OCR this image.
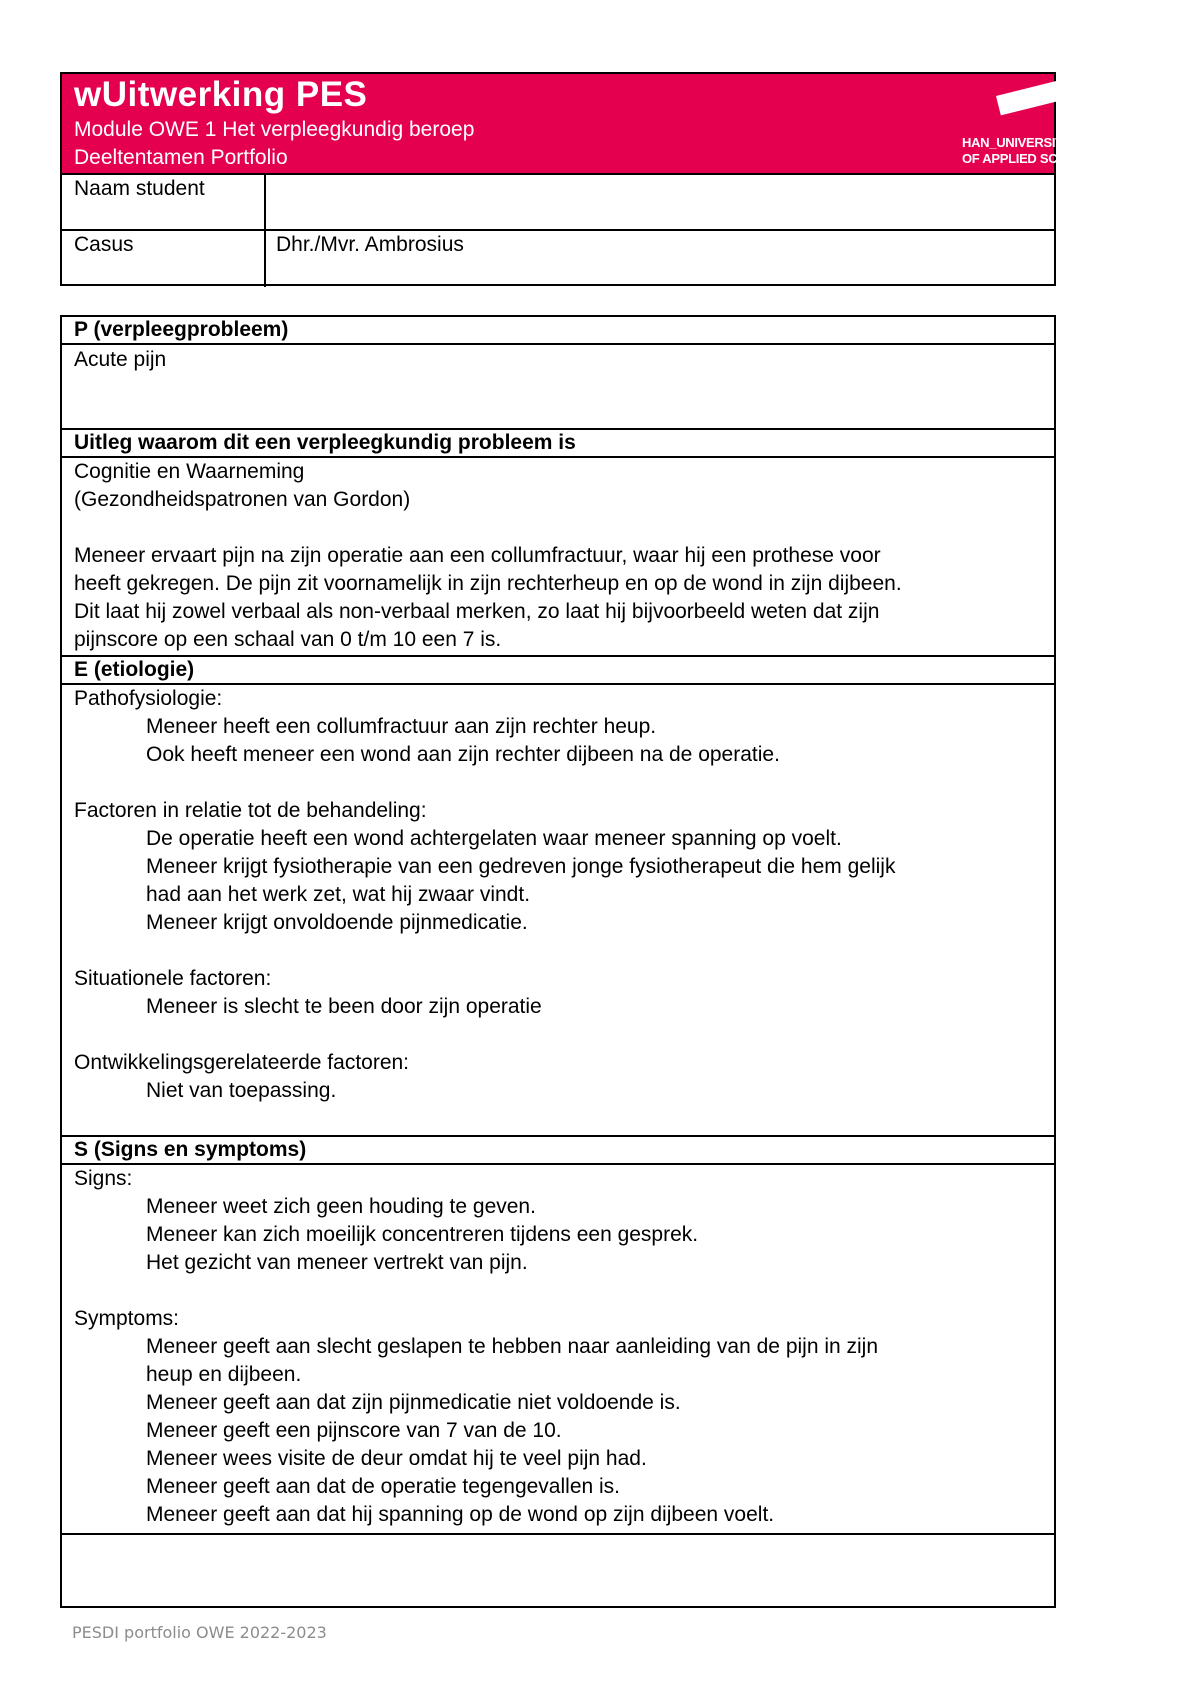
wUitwerking PES
Module OWE 1 Het verpleegkundig beroep
Deeltentamen Portfolio
HAN_UNIVERSITY
OF APPLIED SCIENCES
Naam student
Casus	Dhr./Mvr. Ambrosius
P (verpleegprobleem)
Acute pijn
Uitleg waarom dit een verpleegkundig probleem is
Cognitie en Waarneming
(Gezondheidspatronen van Gordon)
Meneer ervaart pijn na zijn operatie aan een collumfractuur, waar hij een prothese voor
heeft gekregen. De pijn zit voornamelijk in zijn rechterheup en op de wond in zijn dijbeen.
Dit laat hij zowel verbaal als non-verbaal merken, zo laat hij bijvoorbeeld weten dat zijn
pijnscore op een schaal van 0 t/m 10 een 7 is.
E (etiologie)
Pathofysiologie:
Meneer heeft een collumfractuur aan zijn rechter heup.
Ook heeft meneer een wond aan zijn rechter dijbeen na de operatie.
Factoren in relatie tot de behandeling:
De operatie heeft een wond achtergelaten waar meneer spanning op voelt.
Meneer krijgt fysiotherapie van een gedreven jonge fysiotherapeut die hem gelijk
had aan het werk zet, wat hij zwaar vindt.
Meneer krijgt onvoldoende pijnmedicatie.
Situationele factoren:
Meneer is slecht te been door zijn operatie
Ontwikkelingsgerelateerde factoren:
Niet van toepassing.
S (Signs en symptoms)
Signs:
Meneer weet zich geen houding te geven.
Meneer kan zich moeilijk concentreren tijdens een gesprek.
Het gezicht van meneer vertrekt van pijn.
Symptoms:
Meneer geeft aan slecht geslapen te hebben naar aanleiding van de pijn in zijn
heup en dijbeen.
Meneer geeft aan dat zijn pijnmedicatie niet voldoende is.
Meneer geeft een pijnscore van 7 van de 10.
Meneer wees visite de deur omdat hij te veel pijn had.
Meneer geeft aan dat de operatie tegengevallen is.
Meneer geeft aan dat hij spanning op de wond op zijn dijbeen voelt.
PESDI portfolio OWE 2022-2023
